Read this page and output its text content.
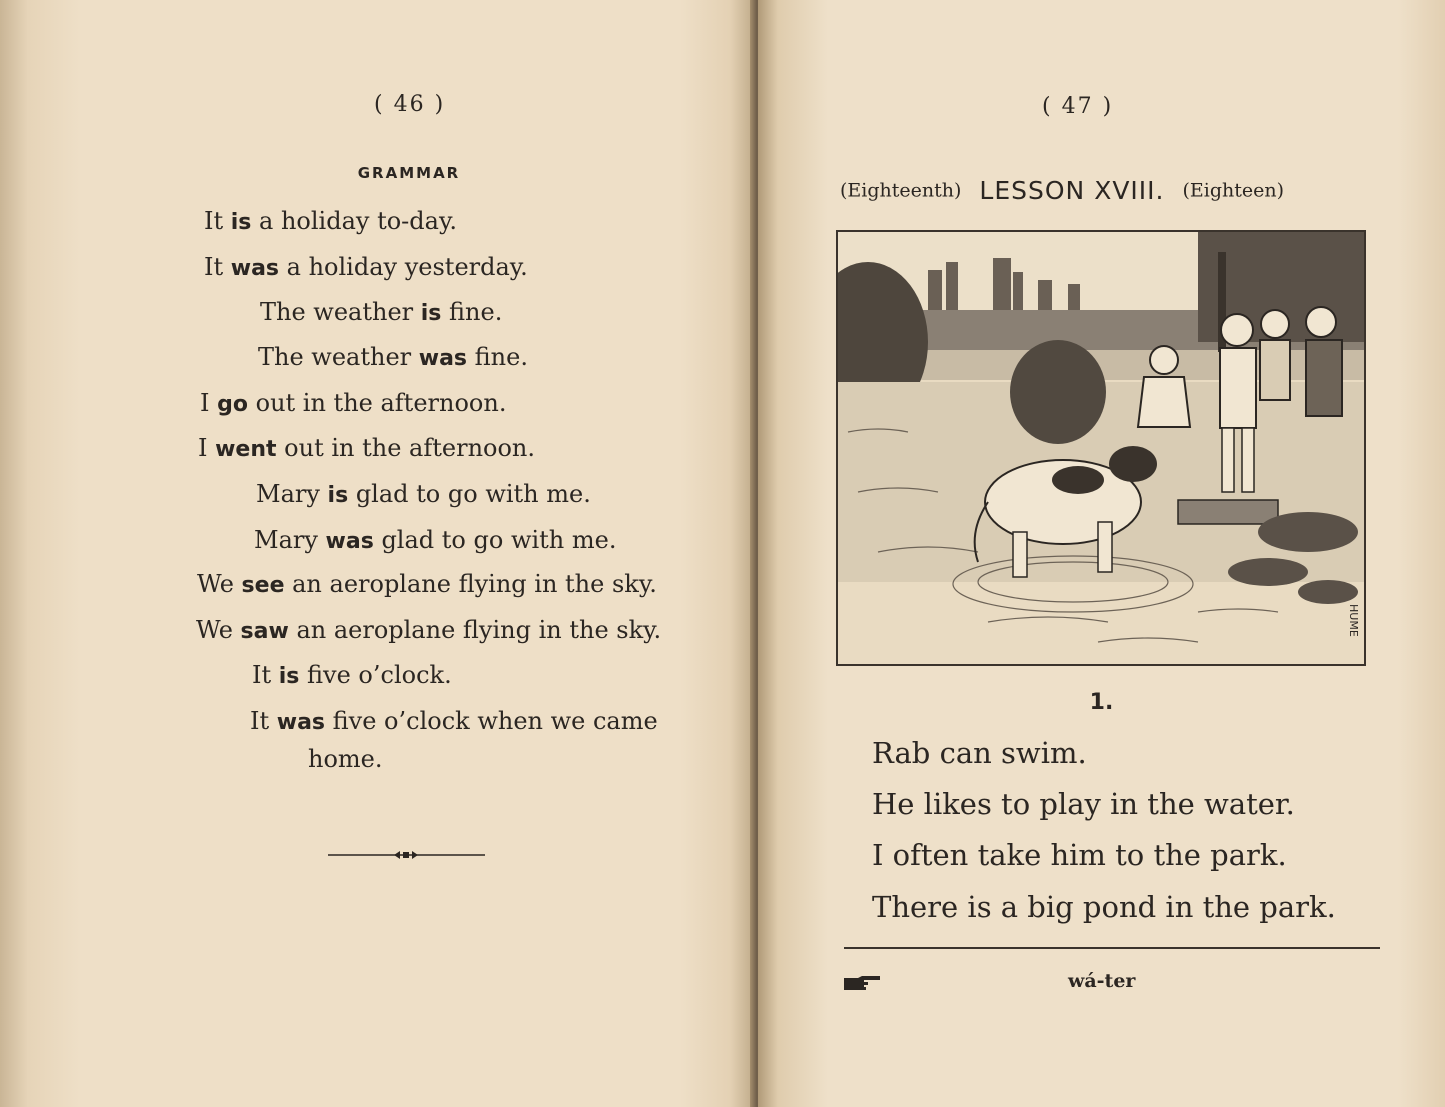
( 46 )
GRAMMAR
It is a holiday to-day.
It was a holiday yesterday.
The weather is fine.
The weather was fine.
I go out in the afternoon.
I went out in the afternoon.
Mary is glad to go with me.
Mary was glad to go with me.
We see an aeroplane flying in the sky.
We saw an aeroplane flying in the sky.
It is five o’clock.
It was five o’clock when we came
home.
( 47 )
(Eighteenth) LESSON XVIII. (Eighteen)
HUME
1.
Rab can swim.
He likes to play in the water.
I often take him to the park.
There is a big pond in the park.
wá-ter
